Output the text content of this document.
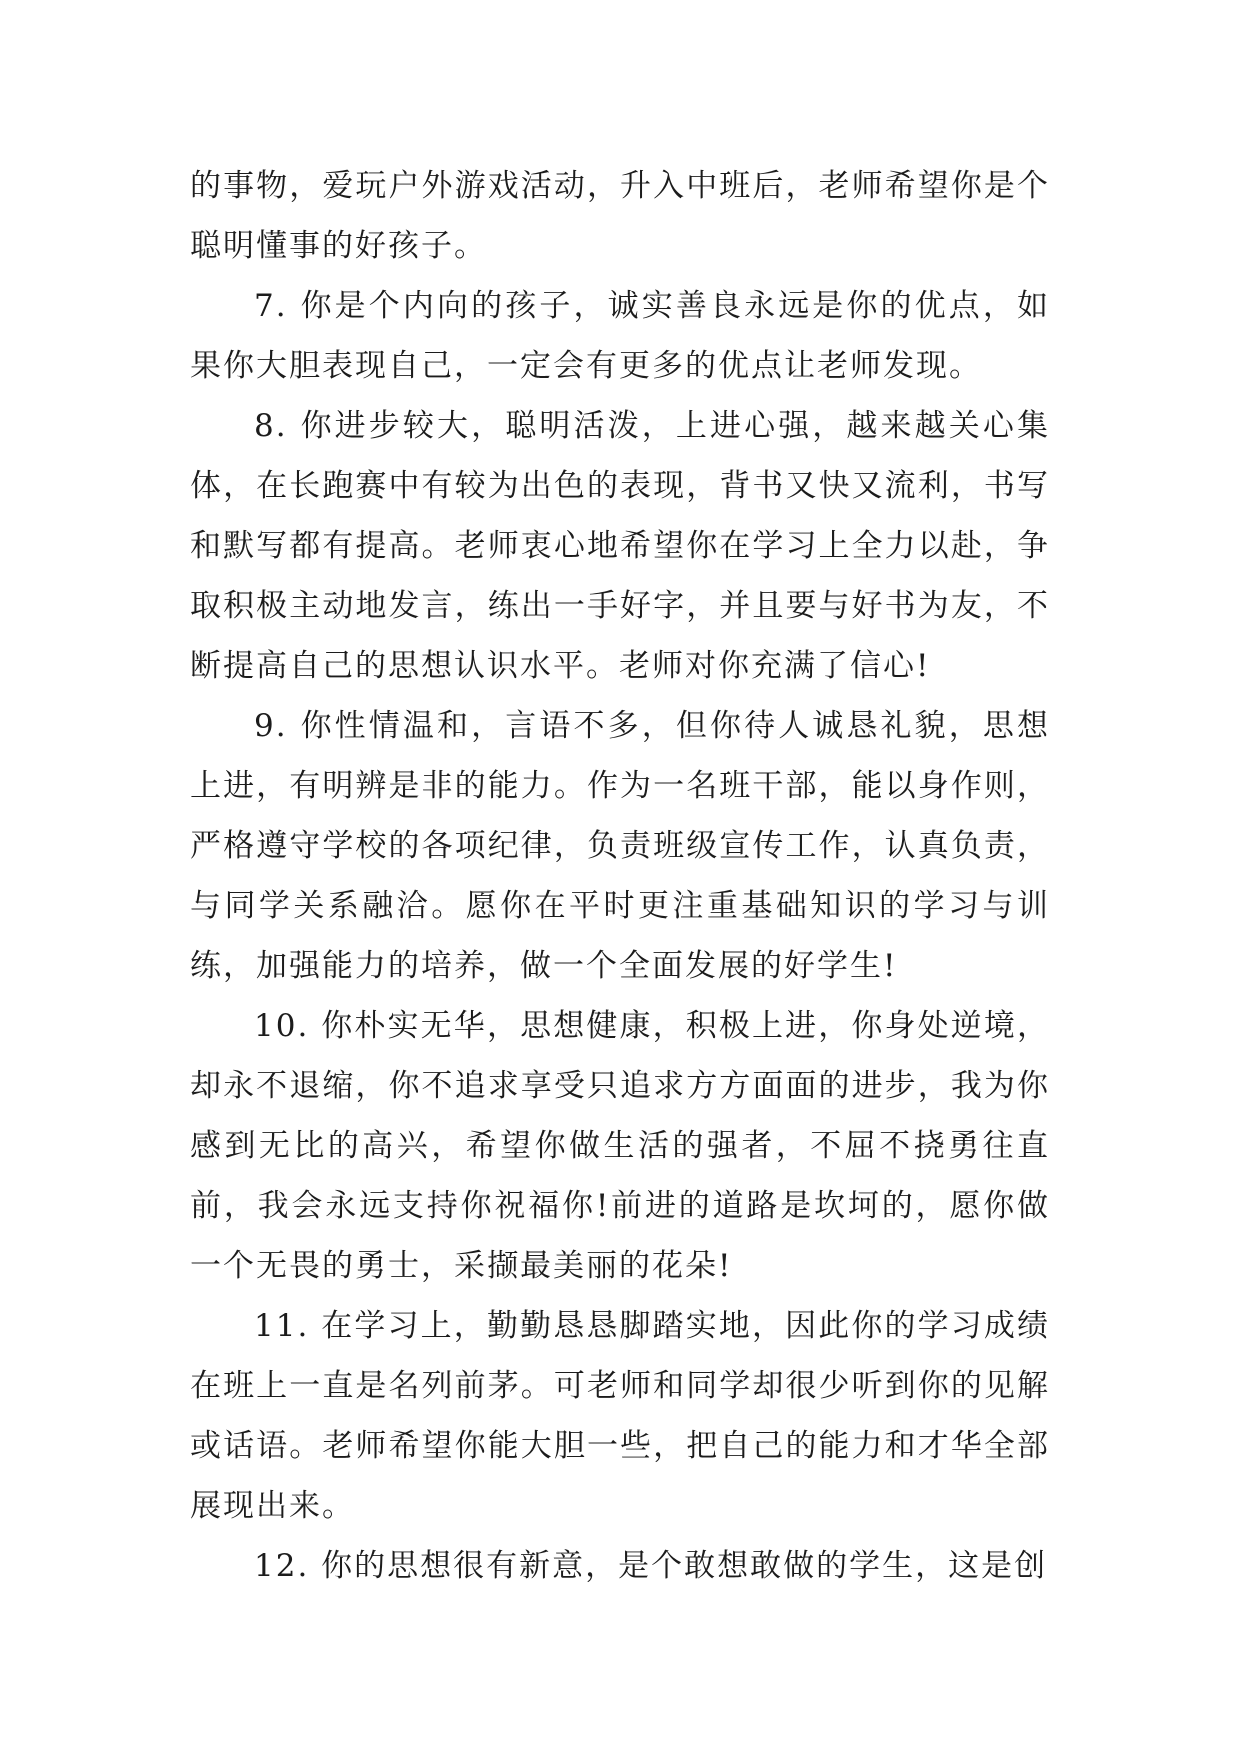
的事物，爱玩户外游戏活动，升入中班后，老师希望你是个聪明懂事的好孩子。

7. 你是个内向的孩子，诚实善良永远是你的优点，如果你大胆表现自己，一定会有更多的优点让老师发现。

8. 你进步较大，聪明活泼，上进心强，越来越关心集体，在长跑赛中有较为出色的表现，背书又快又流利，书写和默写都有提高。老师衷心地希望你在学习上全力以赴，争取积极主动地发言，练出一手好字，并且要与好书为友，不断提高自己的思想认识水平。老师对你充满了信心!

9. 你性情温和，言语不多，但你待人诚恳礼貌，思想上进，有明辨是非的能力。作为一名班干部，能以身作则，严格遵守学校的各项纪律，负责班级宣传工作，认真负责，与同学关系融洽。愿你在平时更注重基础知识的学习与训练，加强能力的培养，做一个全面发展的好学生!

10. 你朴实无华，思想健康，积极上进，你身处逆境，却永不退缩，你不追求享受只追求方方面面的进步，我为你感到无比的高兴，希望你做生活的强者，不屈不挠勇往直前，我会永远支持你祝福你!前进的道路是坎坷的，愿你做一个无畏的勇士，采撷最美丽的花朵!

11. 在学习上，勤勤恳恳脚踏实地，因此你的学习成绩在班上一直是名列前茅。可老师和同学却很少听到你的见解或话语。老师希望你能大胆一些，把自己的能力和才华全部展现出来。

12. 你的思想很有新意，是个敢想敢做的学生，这是创
